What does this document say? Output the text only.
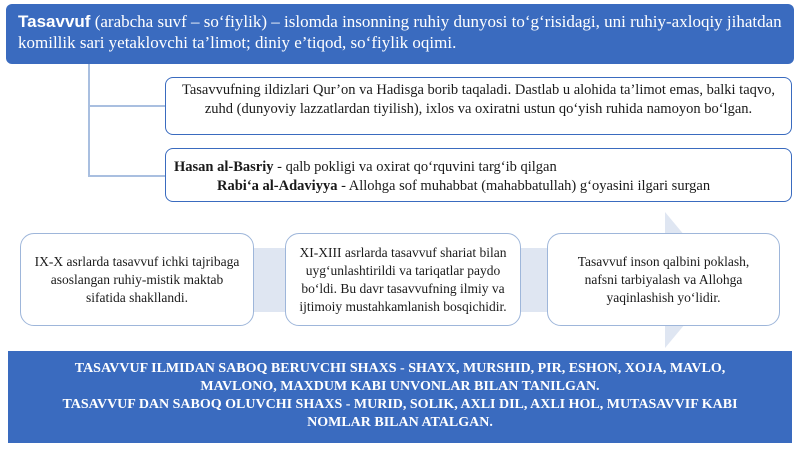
Tasavvuf (arabcha suvf – so‘fiylik) – islomda insonning ruhiy dunyosi to‘g‘risidagi, uni ruhiy-axloqiy jihatdan komillik sari yetaklovchi ta’limot; diniy e’tiqod, so‘fiylik oqimi.
Tasavvufning ildizlari Qur’on va Hadisga borib taqaladi. Dastlab u alohida ta’limot emas, balki taqvo, zuhd (dunyoviy lazzatlardan tiyilish), ixlos va oxiratni ustun qo‘yish ruhida namoyon bo‘lgan.
Hasan al-Basriy - qalb pokligi va oxirat qo‘rquvini targ‘ib qilgan
Rabi‘a al-Adaviyya - Allohga sof muhabbat (mahabbatullah) g‘oyasini ilgari surgan
IX-X asrlarda tasavvuf ichki tajribaga asoslangan ruhiy-mistik maktab sifatida shakllandi.
XI-XIII asrlarda tasavvuf shariat bilan uyg‘unlashtirildi va tariqatlar paydo bo‘ldi. Bu davr tasavvufning ilmiy va ijtimoiy mustahkamlanish bosqichidir.
Tasavvuf inson qalbini poklash, nafsni tarbiyalash va Allohga yaqinlashish yo‘lidir.
TASAVVUF ILMIDAN SABOQ BERUVCHI SHAXS - SHAYX, MURSHID, PIR, ESHON, XOJA, MAVLO, MAVLONO, MAXDUM KABI UNVONLAR BILAN TANILGAN.
TASAVVUF DAN SABOQ OLUVCHI SHAXS - MURID, SOLIK, AXLI DIL, AXLI HOL, MUTASAVVIF KABI NOMLAR BILAN ATALGAN.
